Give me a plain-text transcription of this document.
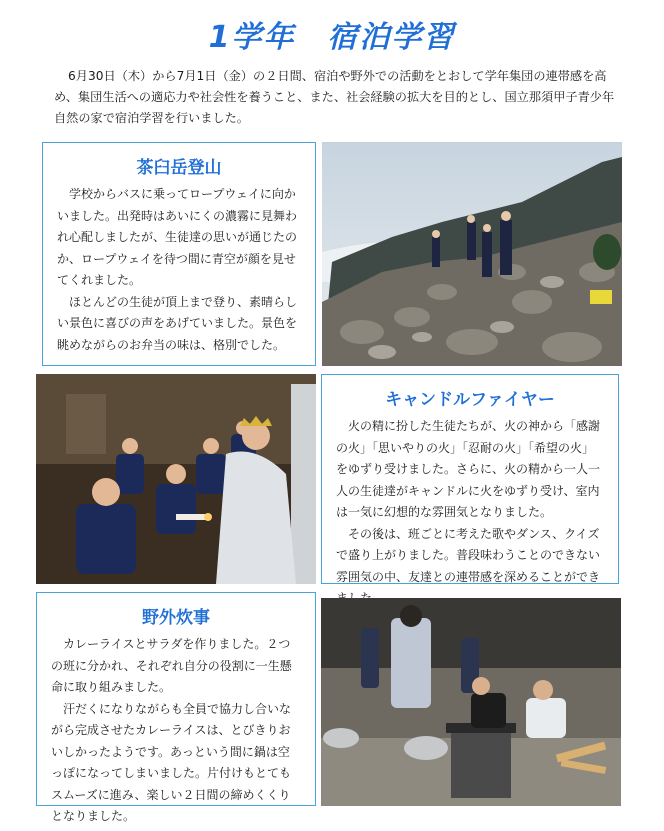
1学年　宿泊学習

6月30日（木）から7月1日（金）の２日間、宿泊や野外での活動をとおして学年集団の連帯感を高め、集団生活への適応力や社会性を養うこと、また、社会経験の拡大を目的とし、国立那須甲子青少年自然の家で宿泊学習を行いました。

茶臼岳登山

学校からバスに乗ってロープウェイに向かいました。出発時はあいにくの濃霧に見舞われ心配しましたが、生徒達の思いが通じたのか、ロープウェイを待つ間に青空が顔を見せてくれました。

ほとんどの生徒が頂上まで登り、素晴らしい景色に喜びの声をあげていました。景色を眺めながらのお弁当の味は、格別でした。

キャンドルファイヤー

火の精に扮した生徒たちが、火の神から「感謝の火」「思いやりの火」「忍耐の火」「希望の火」をゆずり受けました。さらに、火の精から一人一人の生徒達がキャンドルに火をゆずり受け、室内は一気に幻想的な雰囲気となりました。

その後は、班ごとに考えた歌やダンス、クイズで盛り上がりました。普段味わうことのできない雰囲気の中、友達との連帯感を深めることができ

野外炊事

カレーライスとサラダを作りました。２つの班に分かれ、それぞれ自分の役割に一生懸命に取り組みました。

汗だくになりながらも全員で協力し合いながら完成させたカレーライスは、とびきりおいしかったようです。あっという間に鍋は空っぽになってしまいました。片付けもとてもスムーズに進み、楽しい２日間の締めくくりとなりました。
